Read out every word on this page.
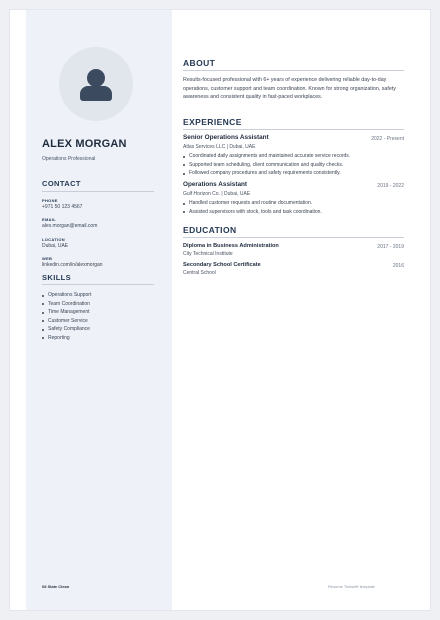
ALEX MORGAN
Operations Professional
CONTACT
PHONE
+971 50 123 4567
EMAIL
alex.morgan@email.com
LOCATION
Dubai, UAE
WEB
linkedin.com/in/alexmorgan
SKILLS
Operations Support
Team Coordination
Time Management
Customer Service
Safety Compliance
Reporting
08 Slate Clean
ABOUT

Results-focused professional with 6+ years of experience delivering reliable day-to-day operations, customer support and team coordination. Known for strong organization, safety awareness and consistent quality in fast-paced workplaces.

EXPERIENCE
Senior Operations Assistant	2022 - Present
Atlas Services LLC | Dubai, UAE
Coordinated daily assignments and maintained accurate service records.
Supported team scheduling, client communication and quality checks.
Followed company procedures and safety requirements consistently.
Operations Assistant	2019 - 2022
Gulf Horizon Co. | Dubai, UAE
Handled customer requests and routine documentation.
Assisted supervisors with stock, tools and task coordination.
EDUCATION
Diploma in Business Administration	2017 - 2019
City Technical Institute
Secondary School Certificate	2016
Central School
Resume Tickshift template
